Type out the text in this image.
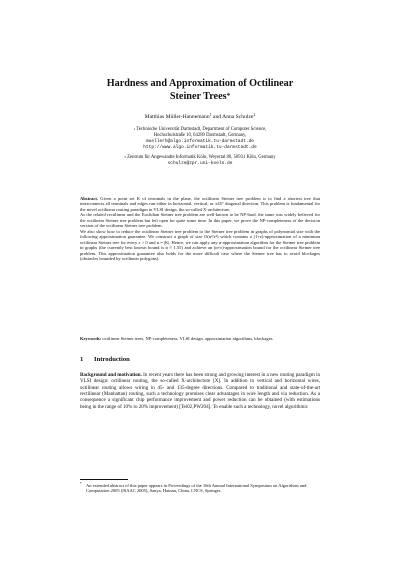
Hardness and Approximation of Octilinear
Steiner Trees*
Matthias Müller-Hannemann$^1$ and Anna Schulze$^2$
$^1$ Technische Universität Darmstadt, Department of Computer Science,
Hochschulstraße 10, 64289 Darmstadt, Germany,
muellerh@algo.informatik.tu-darmstadt.de
http://www.algo.informatik.tu-darmstadt.de
$^2$ Zentrum für Angewandte Informatik Köln, Weyertal 80, 50931 Köln, Germany
schulze@zpr.uni-koeln.de

Abstract. Given a point set K of terminals in the plane, the octilinear Steiner tree problem is to find a shortest tree that interconnects all terminals and edges run either in horizontal, vertical, or ±45° diagonal direction. This problem is fundamental for the novel octilinear routing paradigm in VLSI design, the so-called X-architecture.

As the related rectilinear and the Euclidian Steiner tree problem are well-known to be NP-hard, the same was widely believed for the octilinear Steiner tree problem but left open for quite some time. In this paper, we prove the NP-completeness of the decision version of the octilinear Steiner tree problem.

We also show how to reduce the octilinear Steiner tree problem to the Steiner tree problem in graphs of polynomial size with the following approximation guarantee. We construct a graph of size O(n²/ε²) which contains a (1+ε)-approximation of a minimum octilinear Steiner tree for every ε > 0 and n = |K|. Hence, we can apply any α-approximation algorithm for the Steiner tree problem in graphs (the currently best known bound is α ≈ 1.55) and achieve an (α+ε)-approximation bound for the octilinear Steiner tree problem. This approximation guarantee also holds for the more difficult case where the Steiner tree has to avoid blockages (obstacles bounded by octilinear polygons).

Keywords: octilinear Steiner trees, NP-completeness, VLSI design, approximation algorithms, blockages
1 Introduction

Background and motivation. In recent years there has been strong and growing interest in a new routing paradigm in VLSI design: octilinear routing, the so-called X-architecture [X]. In addition to vertical and horizontal wires, octilinear routing allows wiring in 45- and 135-degree directions. Compared to traditional and state-of-the-art rectilinear (Manhattan) routing, such a technology promises clear advantages in wire length and via reduction. As a consequence a significant chip performance improvement and power reduction can be obtained (with estimations being in the range of 10% to 20% improvement) [Tei02,PW204]. To enable such a technology, novel algorithmic

* An extended abstract of this paper appears in Proceedings of the 16th Annual International Symposium on Algorithms and Computation 2005 (ISAAC 2005), Sanya, Hainan, China, LNCS, Springer.
